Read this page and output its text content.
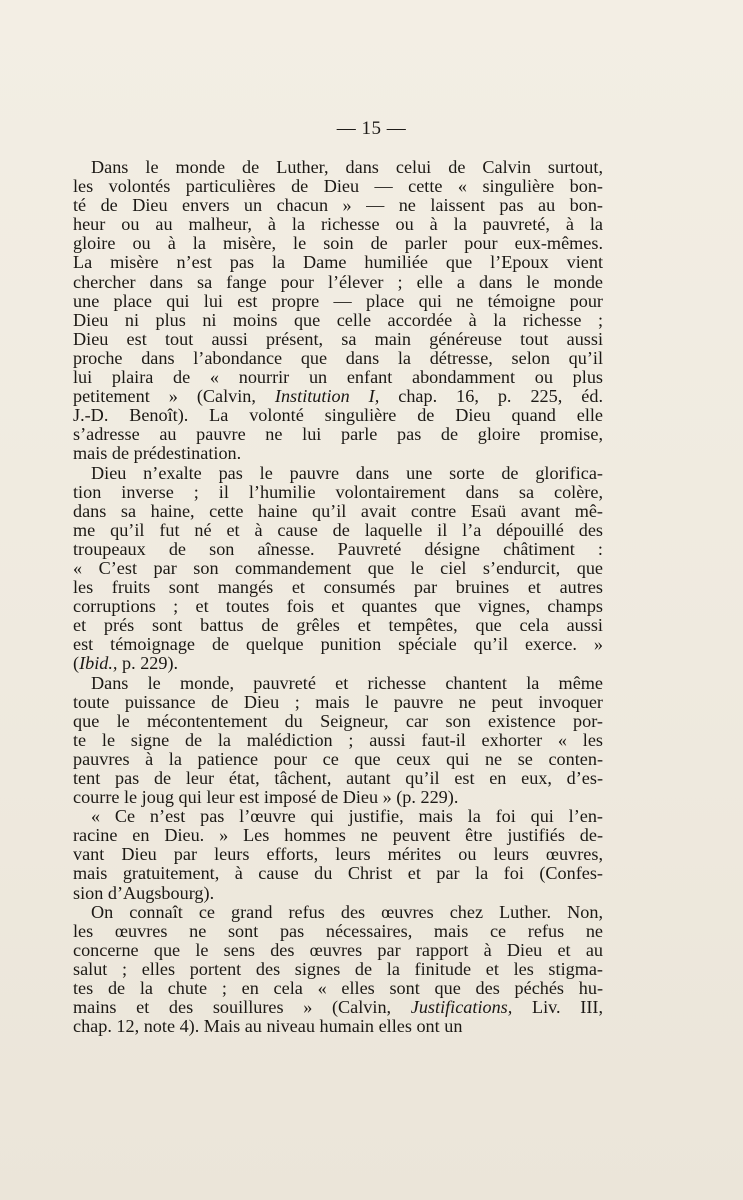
— 15 —

Dans le monde de Luther, dans celui de Calvin surtout,
les volontés particulières de Dieu — cette « singulière bon-
té de Dieu envers un chacun » — ne laissent pas au bon-
heur ou au malheur, à la richesse ou à la pauvreté, à la
gloire ou à la misère, le soin de parler pour eux-mêmes.
La misère n’est pas la Dame humiliée que l’Epoux vient
chercher dans sa fange pour l’élever ; elle a dans le monde
une place qui lui est propre — place qui ne témoigne pour
Dieu ni plus ni moins que celle accordée à la richesse ;
Dieu est tout aussi présent, sa main généreuse tout aussi
proche dans l’abondance que dans la détresse, selon qu’il
lui plaira de « nourrir un enfant abondamment ou plus
petitement » (Calvin, Institution I, chap. 16, p. 225, éd.
J.-D. Benoît). La volonté singulière de Dieu quand elle
s’adresse au pauvre ne lui parle pas de gloire promise,
mais de prédestination.

Dieu n’exalte pas le pauvre dans une sorte de glorifica-
tion inverse ; il l’humilie volontairement dans sa colère,
dans sa haine, cette haine qu’il avait contre Esaü avant mê-
me qu’il fut né et à cause de laquelle il l’a dépouillé des
troupeaux de son aînesse. Pauvreté désigne châtiment :
« C’est par son commandement que le ciel s’endurcit, que
les fruits sont mangés et consumés par bruines et autres
corruptions ; et toutes fois et quantes que vignes, champs
et prés sont battus de grêles et tempêtes, que cela aussi
est témoignage de quelque punition spéciale qu’il exerce. »
(Ibid., p. 229).

Dans le monde, pauvreté et richesse chantent la même
toute puissance de Dieu ; mais le pauvre ne peut invoquer
que le mécontentement du Seigneur, car son existence por-
te le signe de la malédiction ; aussi faut-il exhorter « les
pauvres à la patience pour ce que ceux qui ne se conten-
tent pas de leur état, tâchent, autant qu’il est en eux, d’es-
courre le joug qui leur est imposé de Dieu » (p. 229).

« Ce n’est pas l’œuvre qui justifie, mais la foi qui l’en-
racine en Dieu. » Les hommes ne peuvent être justifiés de-
vant Dieu par leurs efforts, leurs mérites ou leurs œuvres,
mais gratuitement, à cause du Christ et par la foi (Confes-
sion d’Augsbourg).

On connaît ce grand refus des œuvres chez Luther. Non,
les œuvres ne sont pas nécessaires, mais ce refus ne
concerne que le sens des œuvres par rapport à Dieu et au
salut ; elles portent des signes de la finitude et les stigma-
tes de la chute ; en cela « elles sont que des péchés hu-
mains et des souillures » (Calvin, Justifications, Liv. III,
chap. 12, note 4). Mais au niveau humain elles ont un
